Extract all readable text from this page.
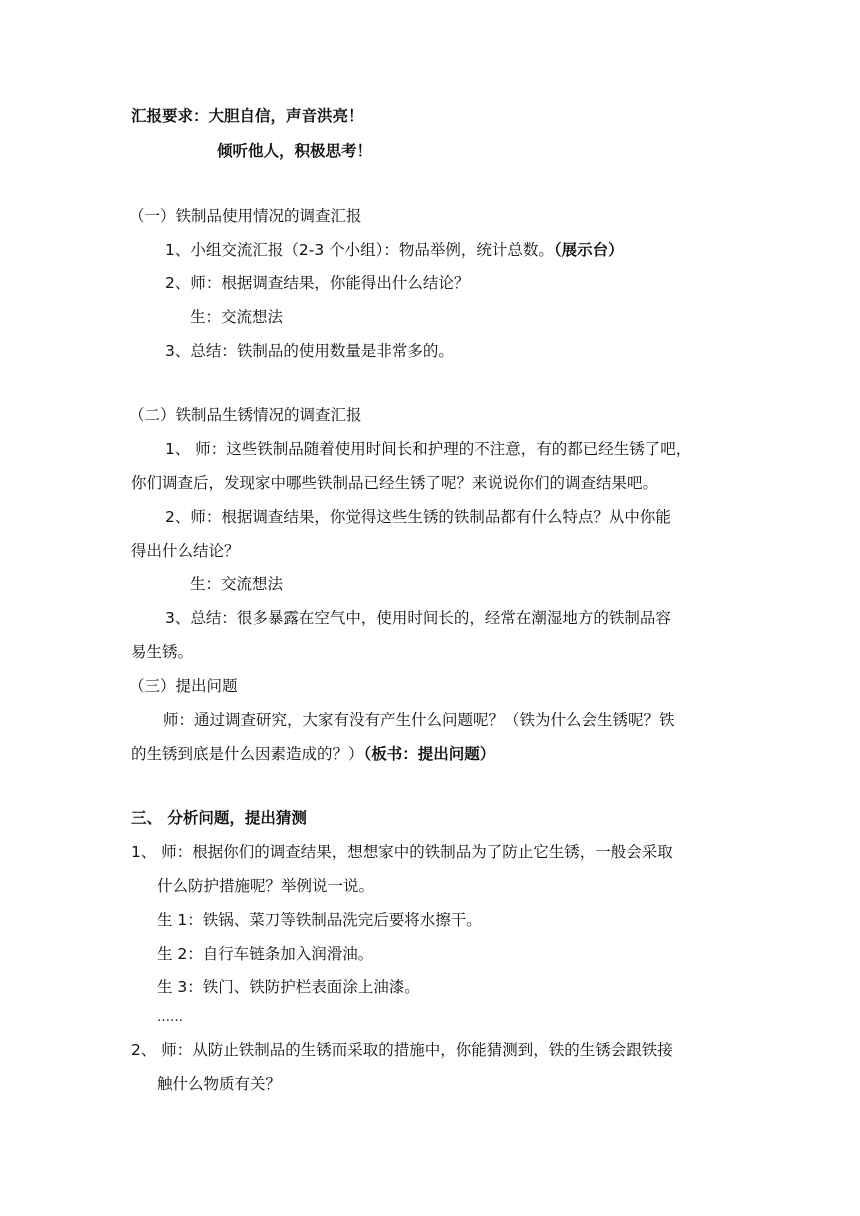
汇报要求：大胆自信，声音洪亮！
倾听他人，积极思考！
（一）铁制品使用情况的调查汇报
1、小组交流汇报（2-3 个小组）：物品举例，统计总数。（展示台）
2、师：根据调查结果，你能得出什么结论？
生：交流想法
3、总结：铁制品的使用数量是非常多的。
（二）铁制品生锈情况的调查汇报
1、 师：这些铁制品随着使用时间长和护理的不注意，有的都已经生锈了吧，
你们调查后，发现家中哪些铁制品已经生锈了呢？来说说你们的调查结果吧。
2、师：根据调查结果，你觉得这些生锈的铁制品都有什么特点？从中你能
得出什么结论？
生：交流想法
3、总结：很多暴露在空气中，使用时间长的，经常在潮湿地方的铁制品容
易生锈。
（三）提出问题
师：通过调查研究，大家有没有产生什么问题呢？（铁为什么会生锈呢？铁
的生锈到底是什么因素造成的？）（板书：提出问题）
三、 分析问题，提出猜测
1、 师：根据你们的调查结果，想想家中的铁制品为了防止它生锈，一般会采取
什么防护措施呢？举例说一说。
生 1：铁锅、菜刀等铁制品洗完后要将水擦干。
生 2：自行车链条加入润滑油。
生 3：铁门、铁防护栏表面涂上油漆。
……
2、 师：从防止铁制品的生锈而采取的措施中，你能猜测到，铁的生锈会跟铁接
触什么物质有关？
